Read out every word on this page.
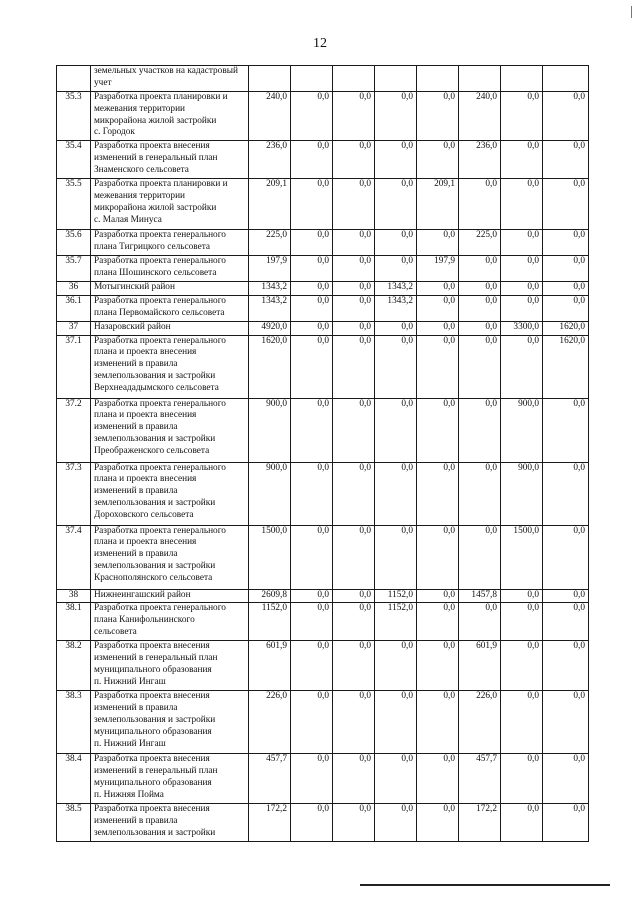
12
	земельных участков на кадастровый
учет								
35.3	Разработка проекта планировки и
межевания территории
микрорайона жилой застройки
с. Городок	240,0	0,0	0,0	0,0	0,0	240,0	0,0	0,0
35.4	Разработка проекта внесения
изменений в генеральный план
Знаменского сельсовета	236,0	0,0	0,0	0,0	0,0	236,0	0,0	0,0
35.5	Разработка проекта планировки и
межевания территории
микрорайона жилой застройки
с. Малая Минуса	209,1	0,0	0,0	0,0	209,1	0,0	0,0	0,0
35.6	Разработка проекта генерального
плана Тигрицкого сельсовета	225,0	0,0	0,0	0,0	0,0	225,0	0,0	0,0
35.7	Разработка проекта генерального
плана Шошинского сельсовета	197,9	0,0	0,0	0,0	197,9	0,0	0,0	0,0
36	Мотыгинский район	1343,2	0,0	0,0	1343,2	0,0	0,0	0,0	0,0
36.1	Разработка проекта генерального
плана Первомайского сельсовета	1343,2	0,0	0,0	1343,2	0,0	0,0	0,0	0,0
37	Назаровский район	4920,0	0,0	0,0	0,0	0,0	0,0	3300,0	1620,0
37.1	Разработка проекта генерального
плана и проекта внесения
изменений в правила
землепользования и застройки
Верхнеададымского сельсовета	1620,0	0,0	0,0	0,0	0,0	0,0	0,0	1620,0
37.2	Разработка проекта генерального
плана и проекта внесения
изменений в правила
землепользования и застройки
Преображенского сельсовета	900,0	0,0	0,0	0,0	0,0	0,0	900,0	0,0
37.3	Разработка проекта генерального
плана и проекта внесения
изменений в правила
землепользования и застройки
Дороховского сельсовета	900,0	0,0	0,0	0,0	0,0	0,0	900,0	0,0
37.4	Разработка проекта генерального
плана и проекта внесения
изменений в правила
землепользования и застройки
Краснополянского сельсовета	1500,0	0,0	0,0	0,0	0,0	0,0	1500,0	0,0
38	Нижнеингашский район	2609,8	0,0	0,0	1152,0	0,0	1457,8	0,0	0,0
38.1	Разработка проекта генерального
плана Канифольнинского
сельсовета	1152,0	0,0	0,0	1152,0	0,0	0,0	0,0	0,0
38.2	Разработка проекта внесения
изменений в генеральный план
муниципального образования
п. Нижний Ингаш	601,9	0,0	0,0	0,0	0,0	601,9	0,0	0,0
38.3	Разработка проекта внесения
изменений в правила
землепользования и застройки
муниципального образования
п. Нижний Ингаш	226,0	0,0	0,0	0,0	0,0	226,0	0,0	0,0
38.4	Разработка проекта внесения
изменений в генеральный план
муниципального образования
п. Нижняя Пойма	457,7	0,0	0,0	0,0	0,0	457,7	0,0	0,0
38.5	Разработка проекта внесения
изменений в правила
землепользования и застройки	172,2	0,0	0,0	0,0	0,0	172,2	0,0	0,0
